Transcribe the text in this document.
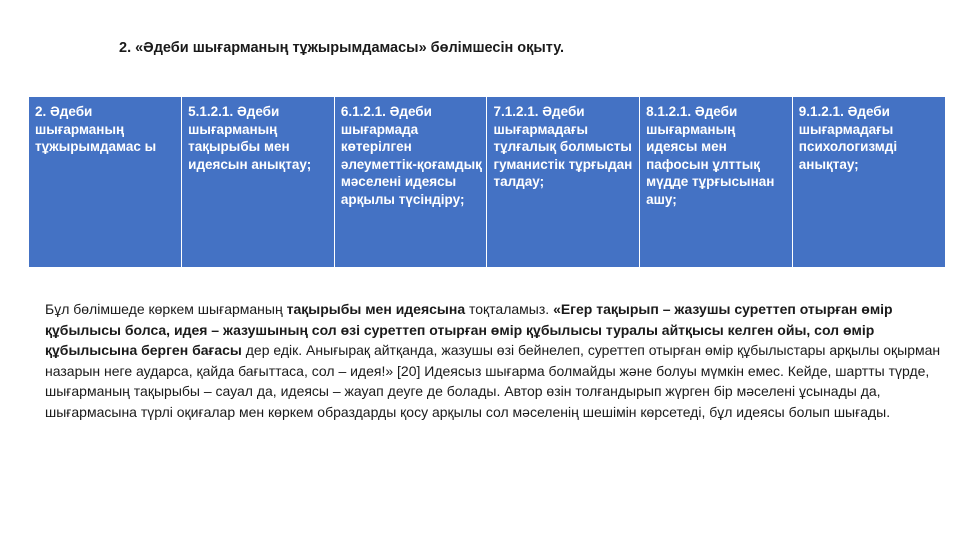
2. «Әдеби шығарманың тұжырымдамасы» бөлімшесін оқыту.
2. Әдеби шығарманың тұжырымдамас ы	5.1.2.1. Әдеби шығарманың тақырыбы мен идеясын анықтау;	6.1.2.1. Әдеби шығармада көтерілген әлеуметтік-қоғамдық мәселені идеясы арқылы түсіндіру;	7.1.2.1. Әдеби шығармадағы тұлғалық болмысты гуманистік тұрғыдан талдау;	8.1.2.1. Әдеби шығарманың идеясы мен пафосын ұлттық мүдде тұрғысынан ашу;	9.1.2.1. Әдеби шығармадағы психологизмді анықтау;
Бұл бөлімшеде көркем шығарманың тақырыбы мен идеясына тоқталамыз. «Егер тақырып – жазушы суреттеп отырған өмір құбылысы болса, идея – жазушының сол өзі суреттеп отырған өмір құбылысы туралы айтқысы келген ойы, сол өмір құбылысына берген бағасы дер едік. Анығырақ айтқанда, жазушы өзі бейнелеп, суреттеп отырған өмір құбылыстары арқылы оқырман назарын неге аударса, қайда бағыттаса, сол – идея!» [20] Идеясыз шығарма болмайды және болуы мүмкін емес. Кейде, шартты түрде, шығарманың тақырыбы – сауал да, идеясы – жауап деуге де болады. Автор өзін толғандырып жүрген бір мәселені ұсынады да, шығармасына түрлі оқиғалар мен көркем образдарды қосу арқылы сол мәселенің шешімін көрсетеді, бұл идеясы болып шығады.
